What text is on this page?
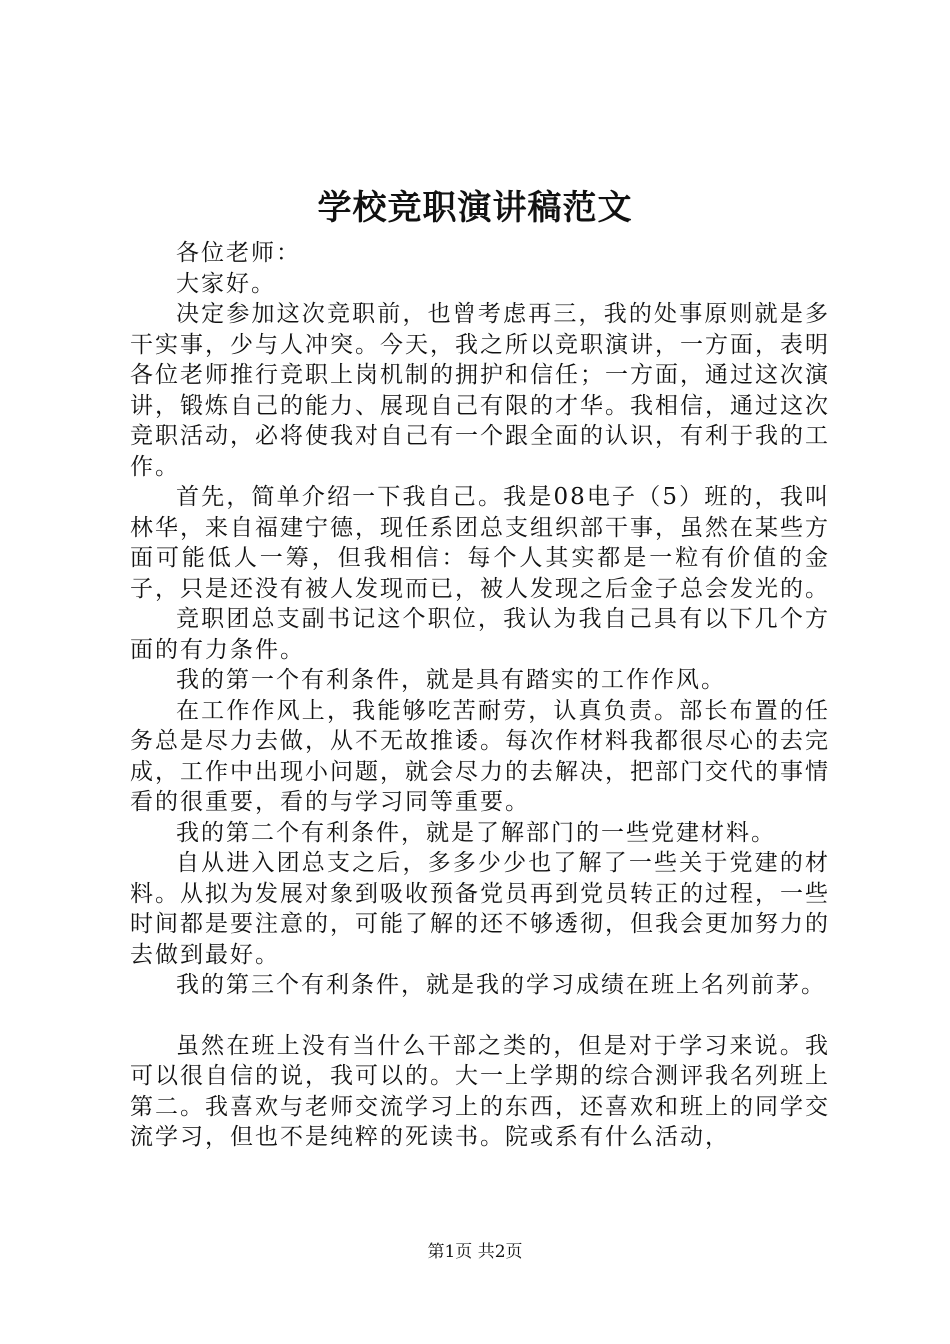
学校竞职演讲稿范文

各位老师：

大家好。

决定参加这次竞职前，也曾考虑再三，我的处事原则就是多干实事，少与人冲突。今天，我之所以竞职演讲，一方面，表明各位老师推行竞职上岗机制的拥护和信任；一方面，通过这次演讲，锻炼自己的能力、展现自己有限的才华。我相信，通过这次竞职活动，必将使我对自己有一个跟全面的认识，有利于我的工作。

首先，简单介绍一下我自己。我是08电子（5）班的，我叫林华，来自福建宁德，现任系团总支组织部干事，虽然在某些方面可能低人一筹，但我相信：每个人其实都是一粒有价值的金子，只是还没有被人发现而已，被人发现之后金子总会发光的。

竞职团总支副书记这个职位，我认为我自己具有以下几个方面的有力条件。

我的第一个有利条件，就是具有踏实的工作作风。

在工作作风上，我能够吃苦耐劳，认真负责。部长布置的任务总是尽力去做，从不无故推诿。每次作材料我都很尽心的去完成，工作中出现小问题，就会尽力的去解决，把部门交代的事情看的很重要，看的与学习同等重要。

我的第二个有利条件，就是了解部门的一些党建材料。

自从进入团总支之后，多多少少也了解了一些关于党建的材料。从拟为发展对象到吸收预备党员再到党员转正的过程，一些时间都是要注意的，可能了解的还不够透彻，但我会更加努力的去做到最好。

我的第三个有利条件，就是我的学习成绩在班上名列前茅。

虽然在班上没有当什么干部之类的，但是对于学习来说。我可以很自信的说，我可以的。大一上学期的综合测评我名列班上第二。我喜欢与老师交流学习上的东西，还喜欢和班上的同学交流学习，但也不是纯粹的死读书。院或系有什么活动，

第1页 共2页
